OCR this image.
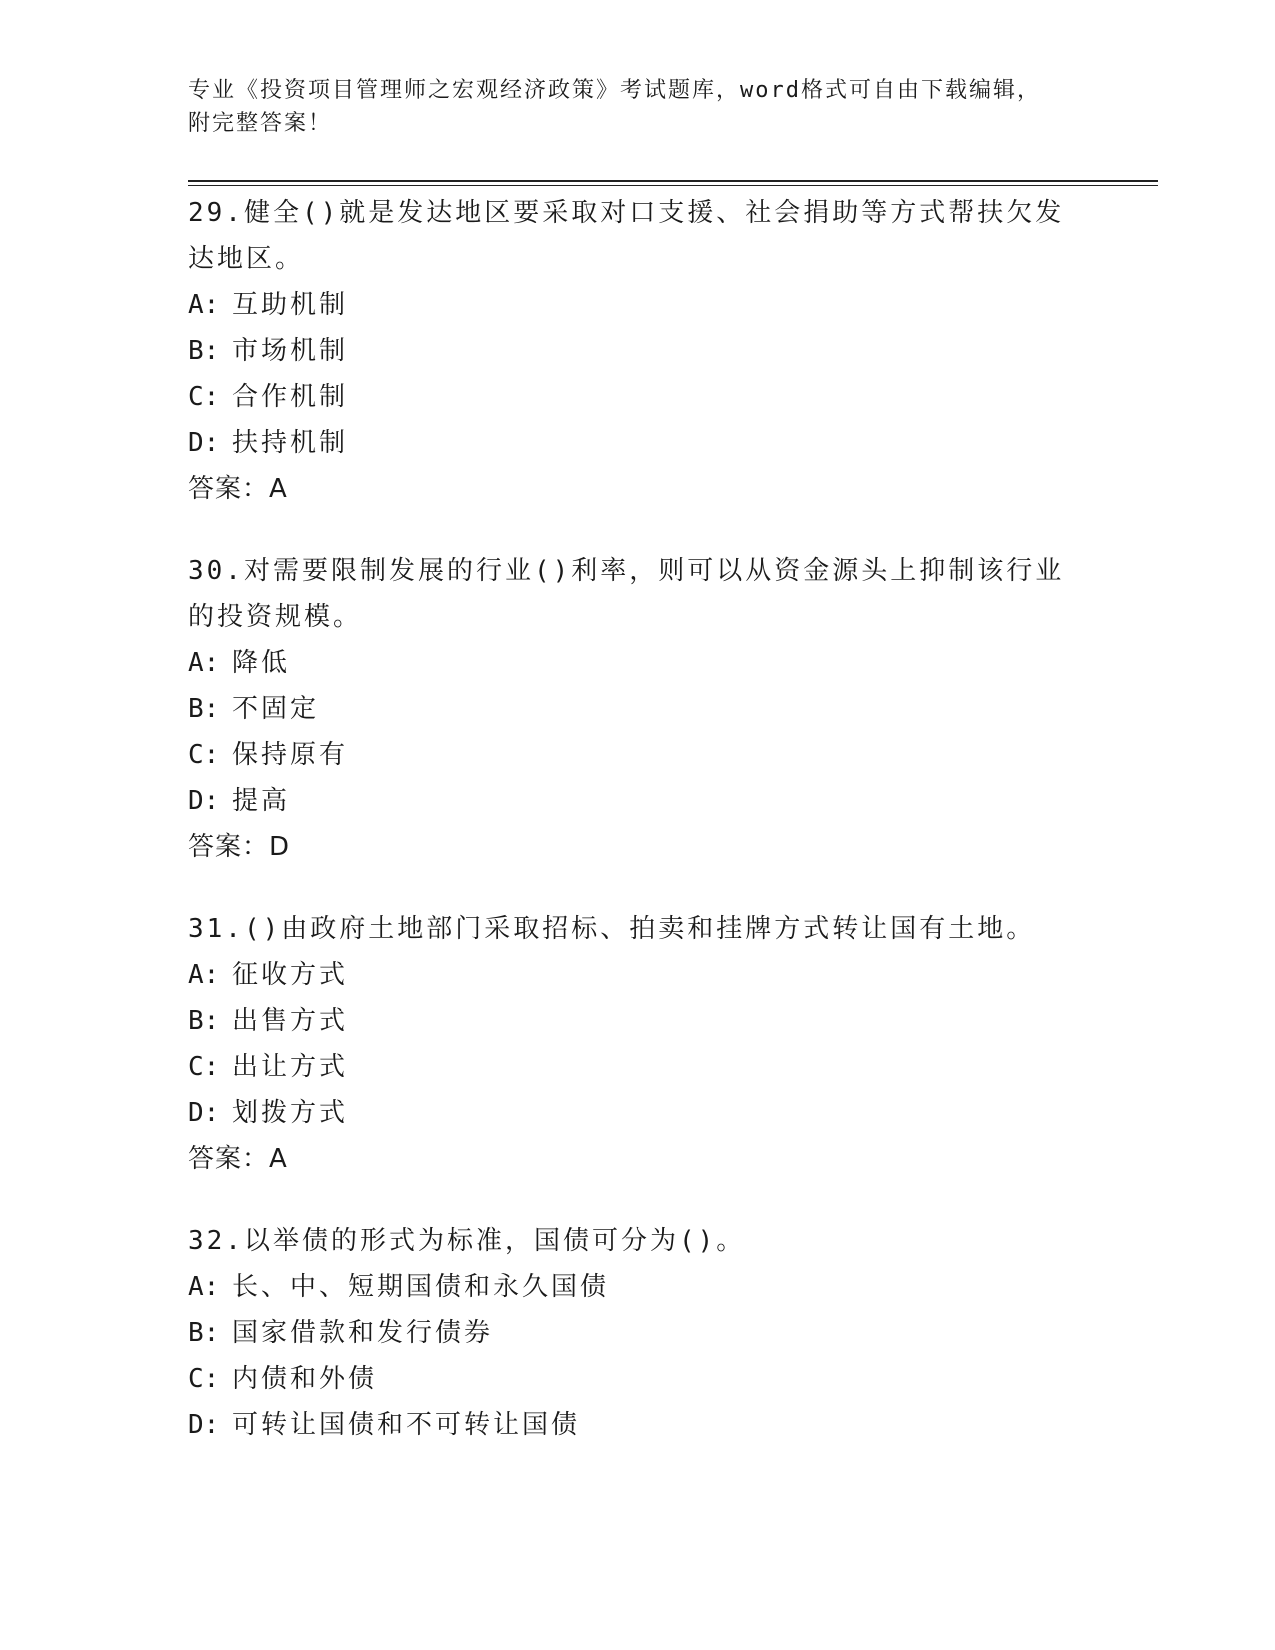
专业《投资项目管理师之宏观经济政策》考试题库，word格式可自由下载编辑，
附完整答案！

29.健全()就是发达地区要采取对口支援、社会捐助等方式帮扶欠发达地区。

A: 互助机制
B: 市场机制
C: 合作机制
D: 扶持机制
答案：A

30.对需要限制发展的行业()利率，则可以从资金源头上抑制该行业的投资规模。

A: 降低
B: 不固定
C: 保持原有
D: 提高
答案：D

31.()由政府土地部门采取招标、拍卖和挂牌方式转让国有土地。

A: 征收方式
B: 出售方式
C: 出让方式
D: 划拨方式
答案：A

32.以举债的形式为标准，国债可分为()。

A: 长、中、短期国债和永久国债
B: 国家借款和发行债券
C: 内债和外债
D: 可转让国债和不可转让国债
